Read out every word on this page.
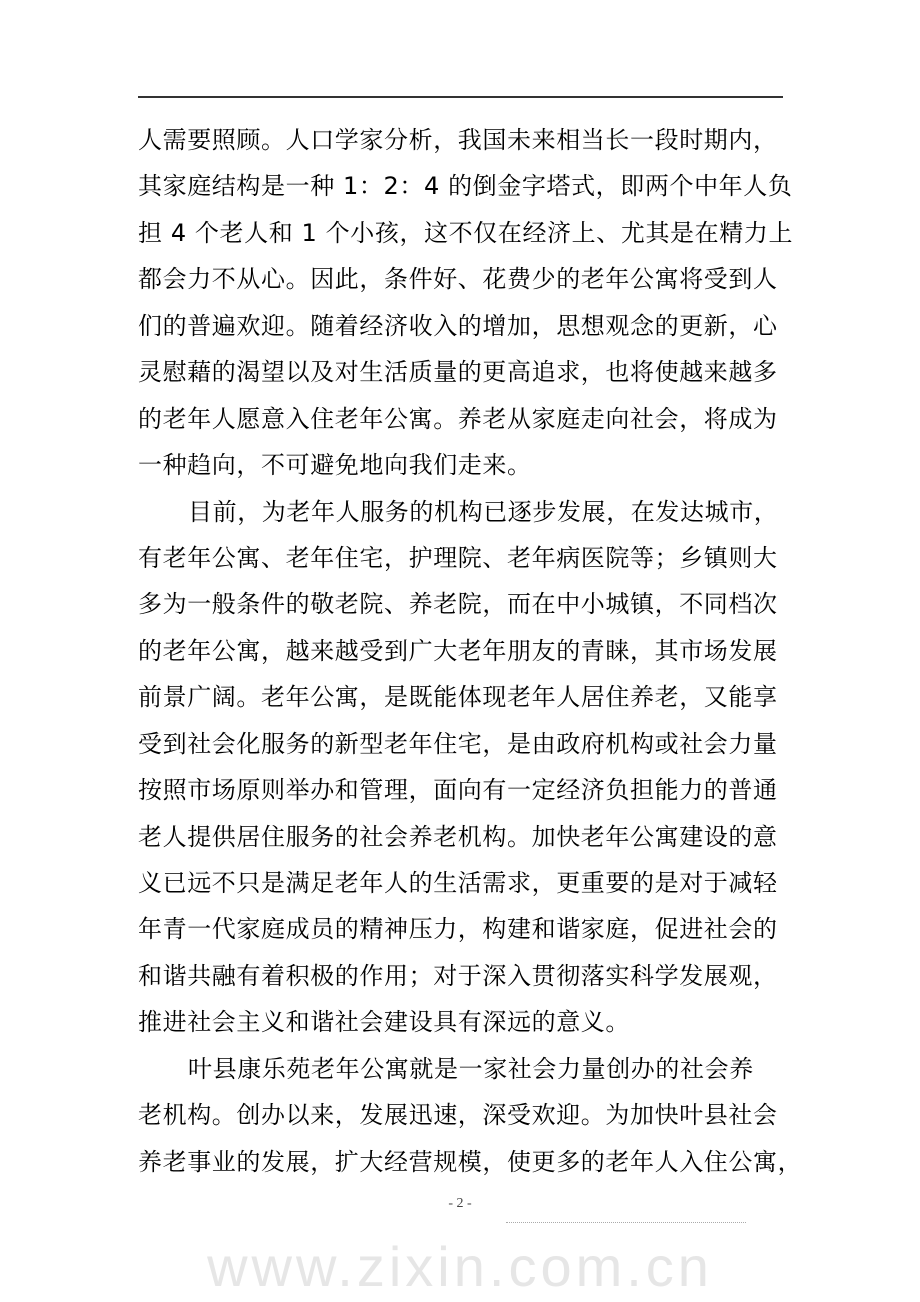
人需要照顾。人口学家分析，我国未来相当长一段时期内，
其家庭结构是一种 1：2：4 的倒金字塔式，即两个中年人负
担 4 个老人和 1 个小孩，这不仅在经济上、尤其是在精力上
都会力不从心。因此，条件好、花费少的老年公寓将受到人
们的普遍欢迎。随着经济收入的增加，思想观念的更新，心
灵慰藉的渴望以及对生活质量的更高追求，也将使越来越多
的老年人愿意入住老年公寓。养老从家庭走向社会，将成为
一种趋向，不可避免地向我们走来。
目前，为老年人服务的机构已逐步发展，在发达城市，
有老年公寓、老年住宅，护理院、老年病医院等；乡镇则大
多为一般条件的敬老院、养老院，而在中小城镇，不同档次
的老年公寓，越来越受到广大老年朋友的青睐，其市场发展
前景广阔。老年公寓，是既能体现老年人居住养老，又能享
受到社会化服务的新型老年住宅，是由政府机构或社会力量
按照市场原则举办和管理，面向有一定经济负担能力的普通
老人提供居住服务的社会养老机构。加快老年公寓建设的意
义已远不只是满足老年人的生活需求，更重要的是对于减轻
年青一代家庭成员的精神压力，构建和谐家庭，促进社会的
和谐共融有着积极的作用；对于深入贯彻落实科学发展观，
推进社会主义和谐社会建设具有深远的意义。
叶县康乐苑老年公寓就是一家社会力量创办的社会养
老机构。创办以来，发展迅速，深受欢迎。为加快叶县社会
养老事业的发展，扩大经营规模，使更多的老年人入住公寓，
- 2 -
www.zixin.com.cn
